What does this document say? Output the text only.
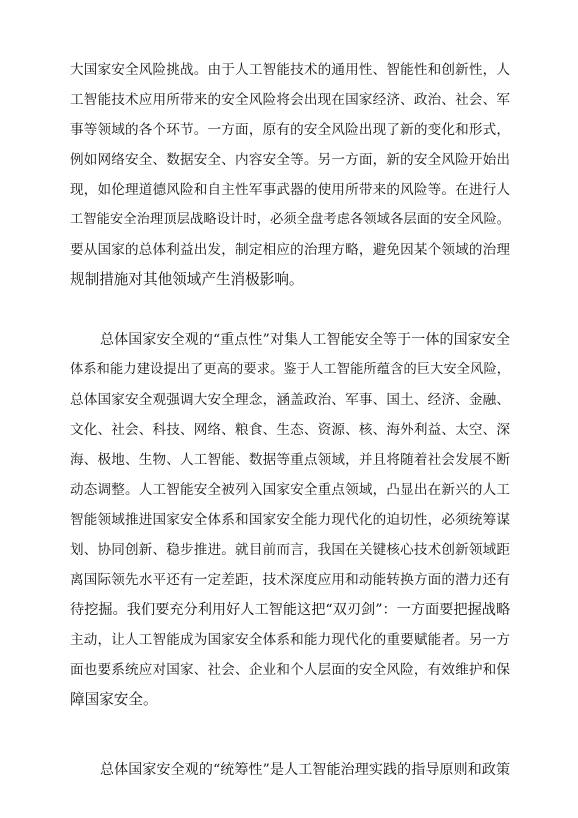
大国家安全风险挑战。由于人工智能技术的通用性、智能性和创新性，人
工智能技术应用所带来的安全风险将会出现在国家经济、政治、社会、军
事等领域的各个环节。一方面，原有的安全风险出现了新的变化和形式，
例如网络安全、数据安全、内容安全等。另一方面，新的安全风险开始出
现，如伦理道德风险和自主性军事武器的使用所带来的风险等。在进行人
工智能安全治理顶层战略设计时，必须全盘考虑各领域各层面的安全风险。
要从国家的总体利益出发，制定相应的治理方略，避免因某个领域的治理
规制措施对其他领域产生消极影响。
总体国家安全观的“重点性”对集人工智能安全等于一体的国家安全
体系和能力建设提出了更高的要求。鉴于人工智能所蕴含的巨大安全风险，
总体国家安全观强调大安全理念，涵盖政治、军事、国土、经济、金融、
文化、社会、科技、网络、粮食、生态、资源、核、海外利益、太空、深
海、极地、生物、人工智能、数据等重点领域，并且将随着社会发展不断
动态调整。人工智能安全被列入国家安全重点领域，凸显出在新兴的人工
智能领域推进国家安全体系和国家安全能力现代化的迫切性，必须统筹谋
划、协同创新、稳步推进。就目前而言，我国在关键核心技术创新领域距
离国际领先水平还有一定差距，技术深度应用和动能转换方面的潜力还有
待挖掘。我们要充分利用好人工智能这把“双刃剑”：一方面要把握战略
主动，让人工智能成为国家安全体系和能力现代化的重要赋能者。另一方
面也要系统应对国家、社会、企业和个人层面的安全风险，有效维护和保
障国家安全。
总体国家安全观的“统筹性”是人工智能治理实践的指导原则和政策
